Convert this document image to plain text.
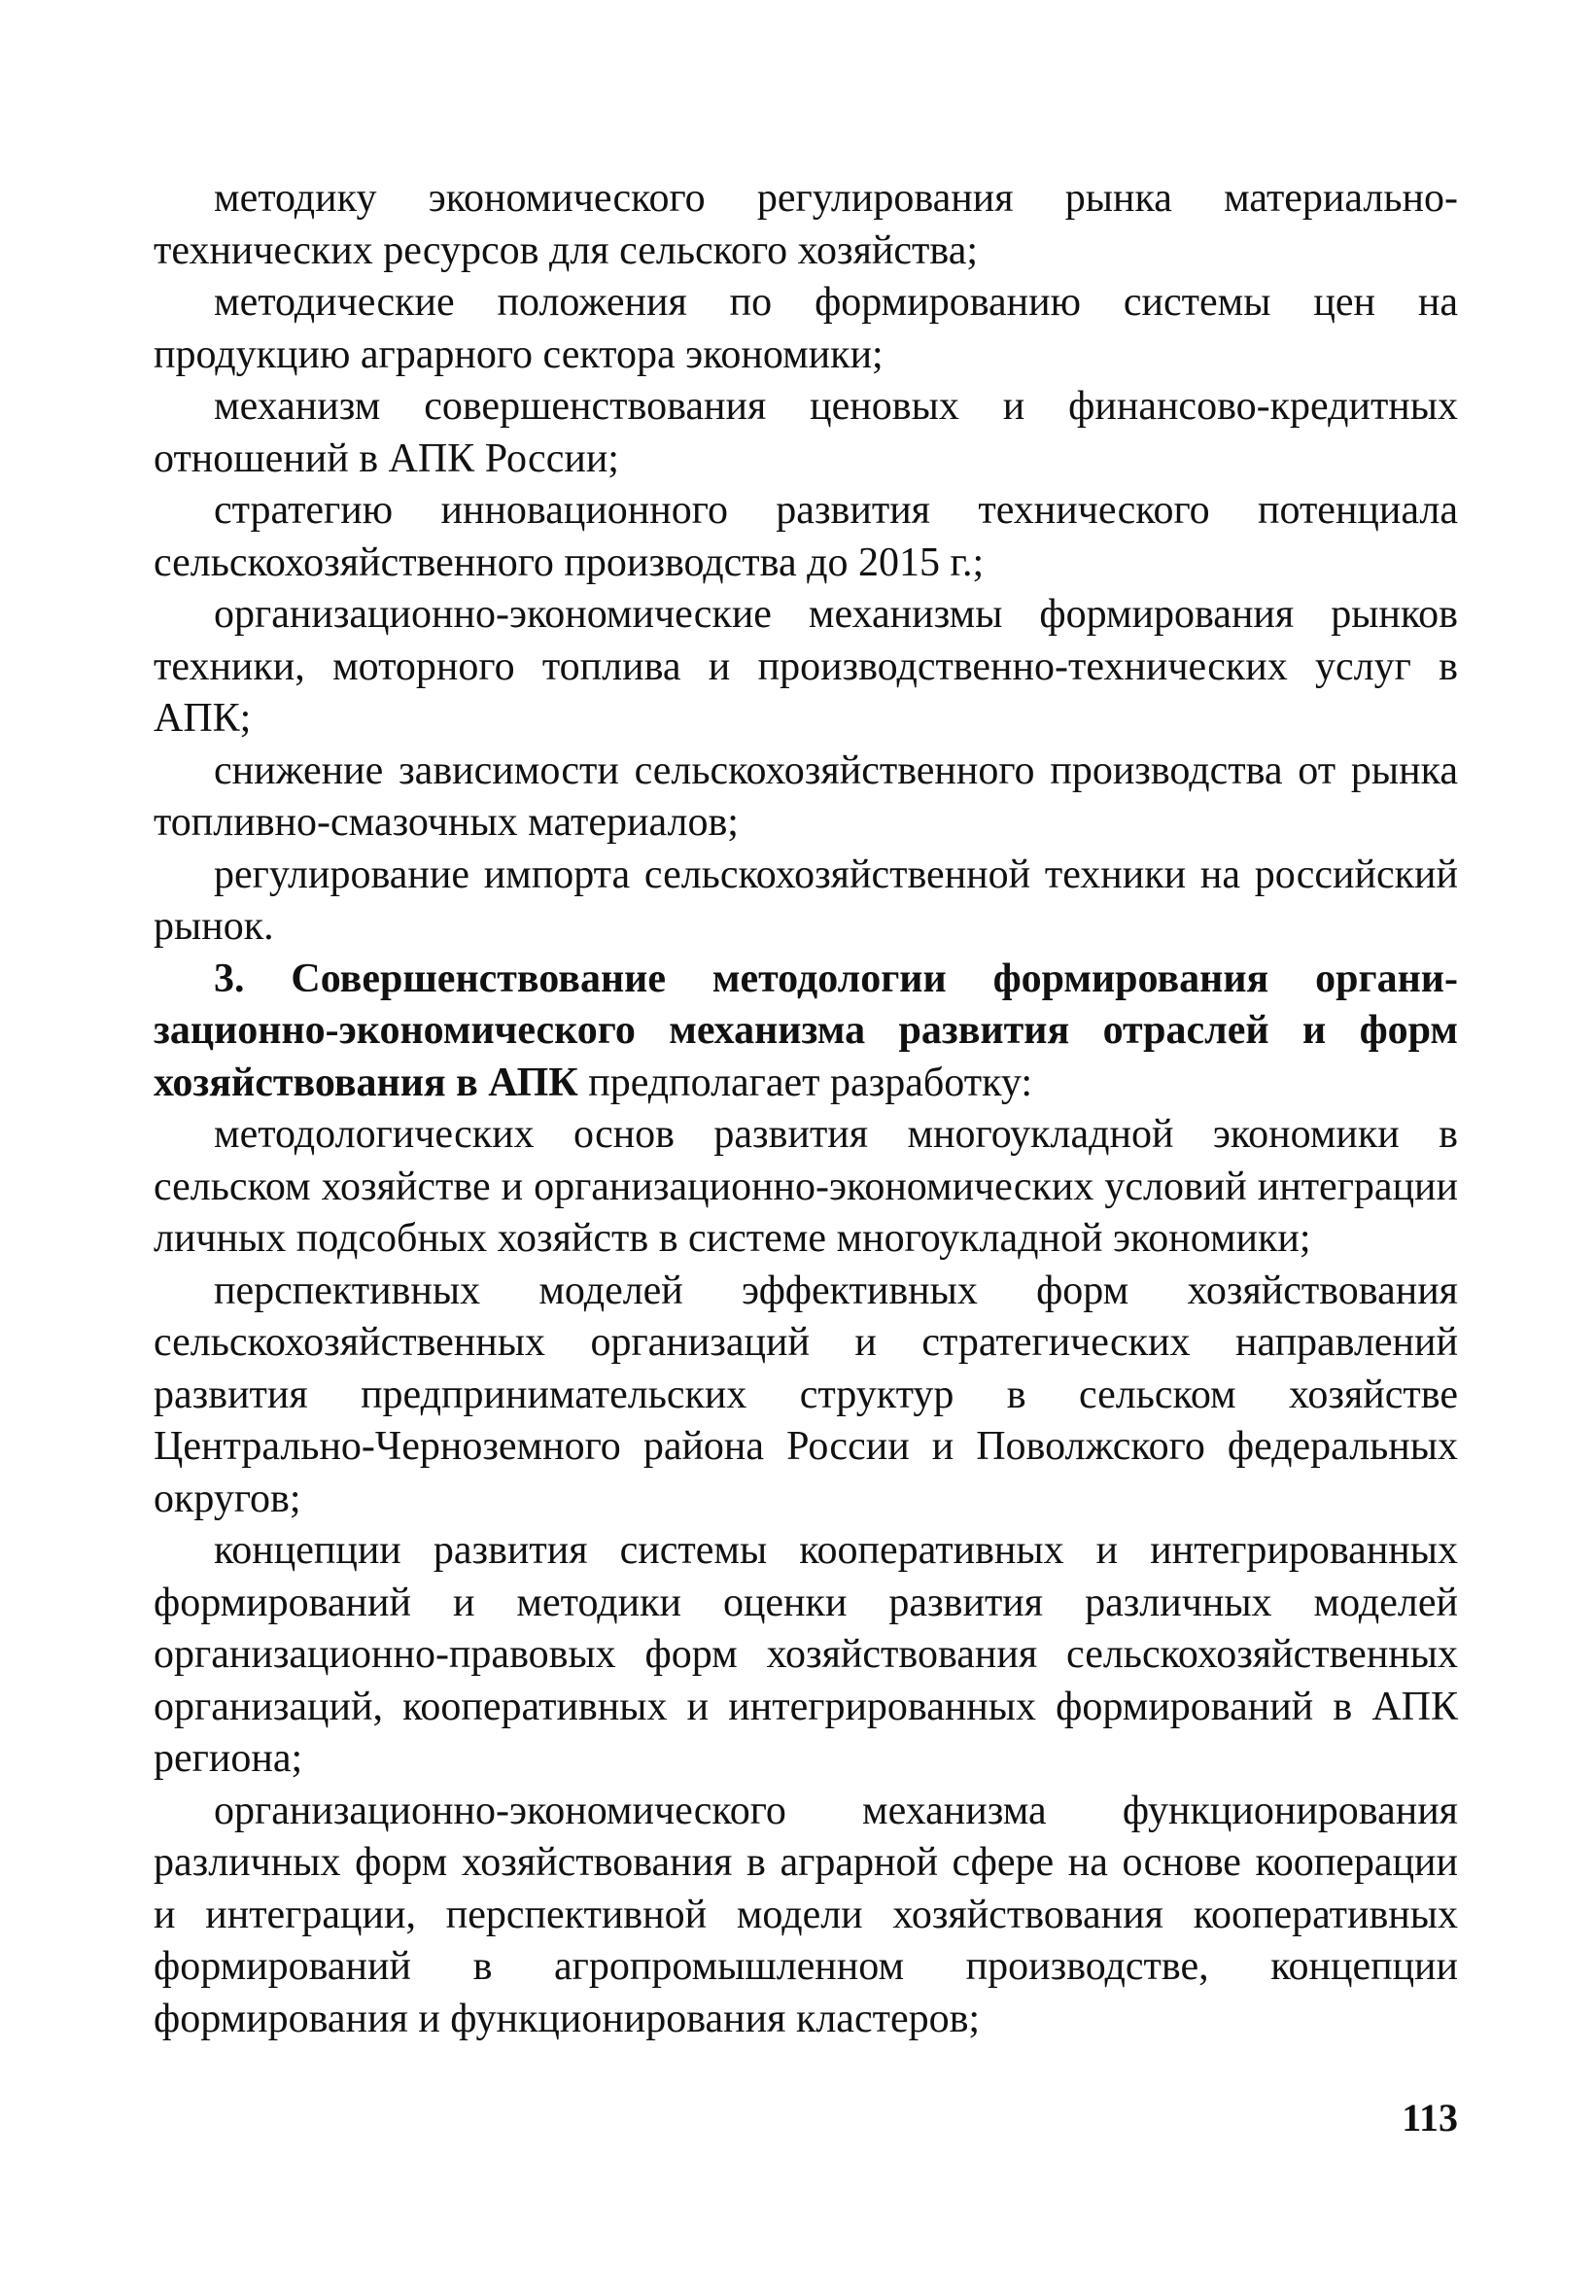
методику экономического регулирования рынка материально-технических ресурсов для сельского хозяйства;

методические положения по формированию системы цен на продукцию аграрного сектора экономики;

механизм совершенствования ценовых и финансово-кредитных отношений в АПК России;

стратегию инновационного развития технического потенциала сельскохозяйственного производства до 2015 г.;

организационно-экономические механизмы формирования рынков техники, моторного топлива и производственно-технических услуг в АПК;

снижение зависимости сельскохозяйственного производства от рынка топливно-смазочных материалов;

регулирование импорта сельскохозяйственной техники на российский рынок.

3. Совершенствование методологии формирования организационно-экономического механизма развития отраслей и форм хозяйствования в АПК предполагает разработку:

методологических основ развития многоукладной экономики в сельском хозяйстве и организационно-экономических условий интеграции личных подсобных хозяйств в системе многоукладной экономики;

перспективных моделей эффективных форм хозяйствования сельскохозяйственных организаций и стратегических направлений развития предпринимательских структур в сельском хозяйстве Центрально-Черноземного района России и Поволжского федеральных округов;

концепции развития системы кооперативных и интегрированных формирований и методики оценки развития различных моделей организационно-правовых форм хозяйствования сельскохозяйственных организаций, кооперативных и интегрированных формирований в АПК региона;

организационно-экономического механизма функционирования различных форм хозяйствования в аграрной сфере на основе кооперации и интеграции, перспективной модели хозяйствования кооперативных формирований в агропромышленном производстве, концепции формирования и функционирования кластеров;

113
